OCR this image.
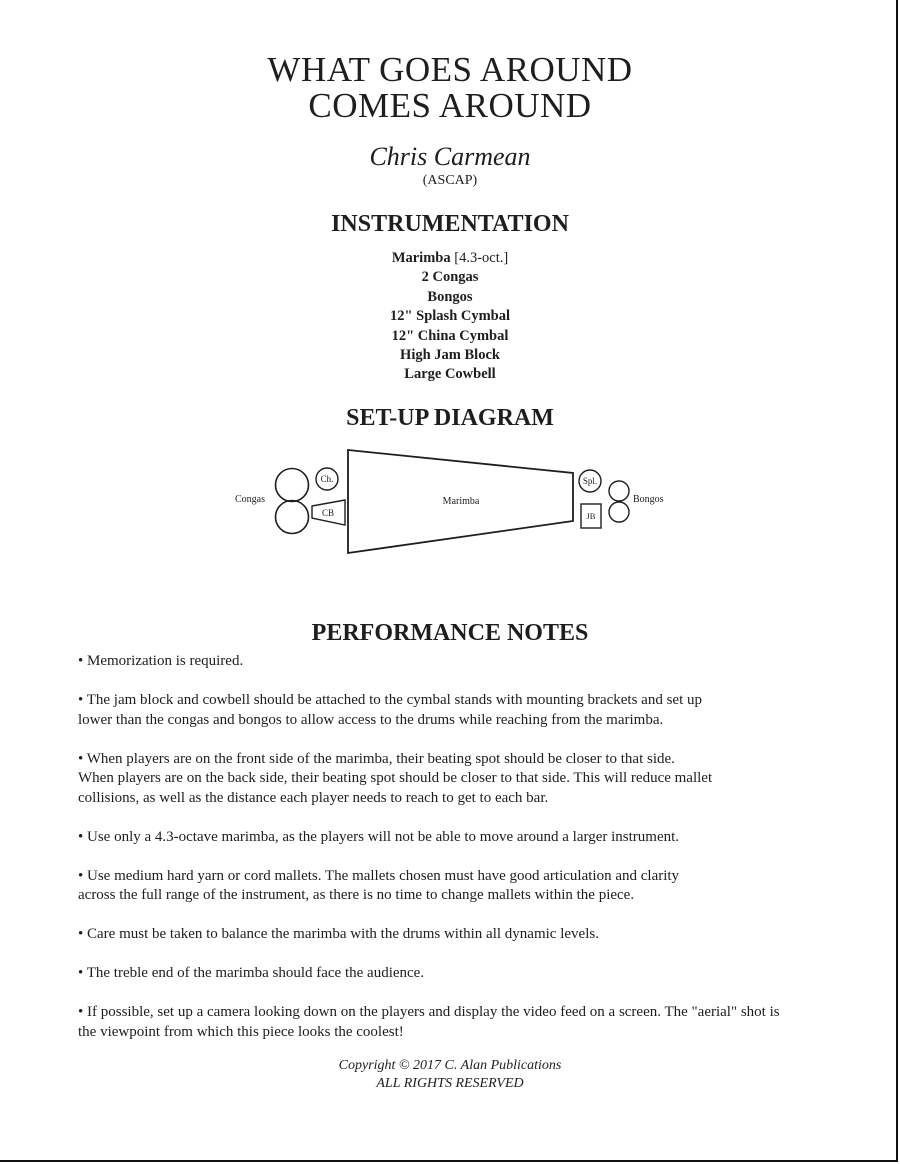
WHAT GOES AROUND
COMES AROUND
Chris Carmean
(ASCAP)
INSTRUMENTATION
Marimba [4.3-oct.]
2 Congas
Bongos
12" Splash Cymbal
12" China Cymbal
High Jam Block
Large Cowbell
SET-UP DIAGRAM
Congas
Ch.
CB
Marimba
Spl.
JB
Bongos
PERFORMANCE NOTES
• Memorization is required.
• The jam block and cowbell should be attached to the cymbal stands with mounting brackets and set up
lower than the congas and bongos to allow access to the drums while reaching from the marimba.
• When players are on the front side of the marimba, their beating spot should be closer to that side.
When players are on the back side, their beating spot should be closer to that side. This will reduce mallet
collisions, as well as the distance each player needs to reach to get to each bar.
• Use only a 4.3-octave marimba, as the players will not be able to move around a larger instrument.
• Use medium hard yarn or cord mallets. The mallets chosen must have good articulation and clarity
across the full range of the instrument, as there is no time to change mallets within the piece.
• Care must be taken to balance the marimba with the drums within all dynamic levels.
• The treble end of the marimba should face the audience.
• If possible, set up a camera looking down on the players and display the video feed on a screen. The "aerial" shot is
the viewpoint from which this piece looks the coolest!
Copyright © 2017 C. Alan Publications
ALL RIGHTS RESERVED
